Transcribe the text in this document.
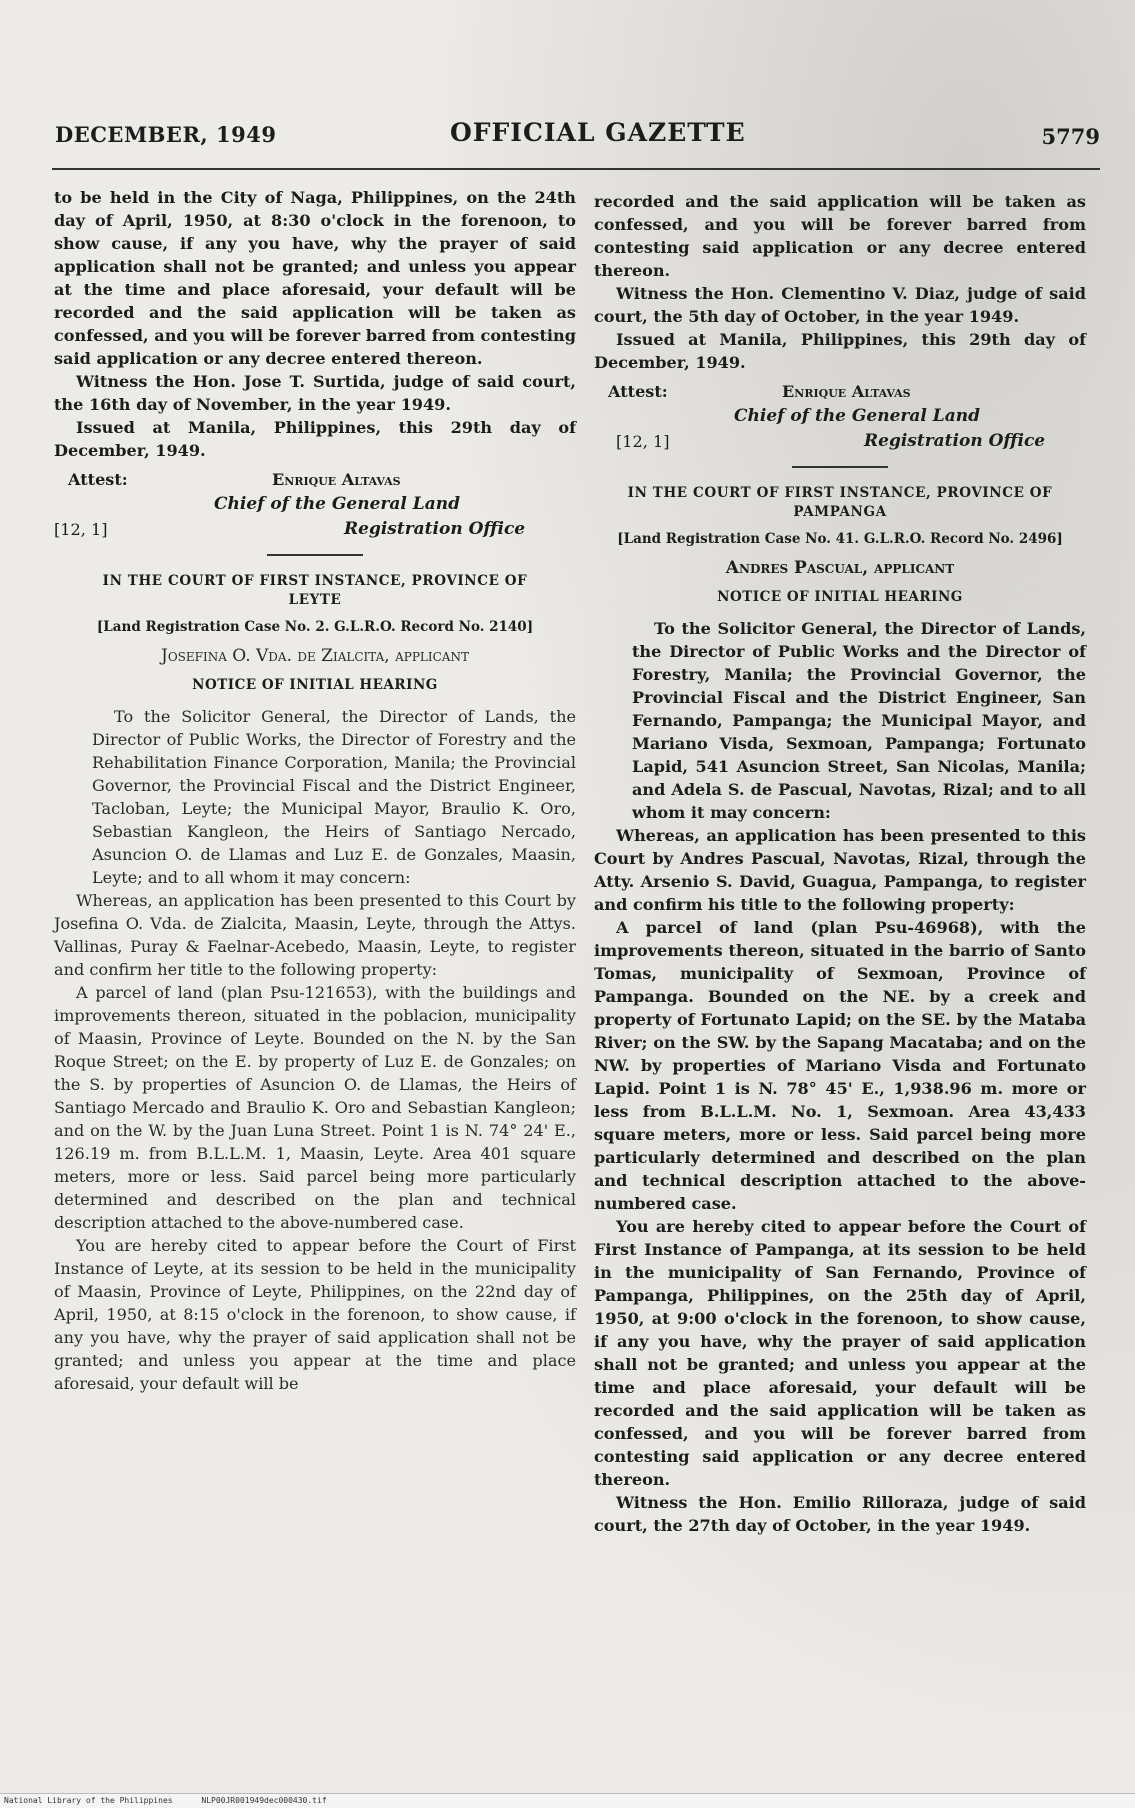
DECEMBER, 1949	OFFICIAL GAZETTE	5779

to be held in the City of Naga, Philippines, on the 24th day of April, 1950, at 8:30 o'clock in the forenoon, to show cause, if any you have, why the prayer of said application shall not be granted; and unless you appear at the time and place aforesaid, your default will be recorded and the said application will be taken as confessed, and you will be forever barred from contesting said application or any decree entered thereon.

Witness the Hon. Jose T. Surtida, judge of said court, the 16th day of November, in the year 1949.

Issued at Manila, Philippines, this 29th day of December, 1949.

Attest:	Enrique Altavas
Chief of the General Land
Registration Office
[12, 1]
IN THE COURT OF FIRST INSTANCE, PROVINCE OF LEYTE
[Land Registration Case No. 2. G.L.R.O. Record No. 2140]
Josefina O. Vda. de Zialcita, applicant
NOTICE OF INITIAL HEARING

To the Solicitor General, the Director of Lands, the Director of Public Works, the Director of Forestry and the Rehabilitation Finance Corporation, Manila; the Provincial Governor, the Provincial Fiscal and the District Engineer, Tacloban, Leyte; the Municipal Mayor, Braulio K. Oro, Sebastian Kangleon, the Heirs of Santiago Nercado, Asuncion O. de Llamas and Luz E. de Gonzales, Maasin, Leyte; and to all whom it may concern:

Whereas, an application has been presented to this Court by Josefina O. Vda. de Zialcita, Maasin, Leyte, through the Attys. Vallinas, Puray & Faelnar-Acebedo, Maasin, Leyte, to register and confirm her title to the following property:

A parcel of land (plan Psu-121653), with the buildings and improvements thereon, situated in the poblacion, municipality of Maasin, Province of Leyte. Bounded on the N. by the San Roque Street; on the E. by property of Luz E. de Gonzales; on the S. by properties of Asuncion O. de Llamas, the Heirs of Santiago Mercado and Braulio K. Oro and Sebastian Kangleon; and on the W. by the Juan Luna Street. Point 1 is N. 74° 24' E., 126.19 m. from B.L.L.M. 1, Maasin, Leyte. Area 401 square meters, more or less. Said parcel being more particularly determined and described on the plan and technical description attached to the above-numbered case.

You are hereby cited to appear before the Court of First Instance of Leyte, at its session to be held in the municipality of Maasin, Province of Leyte, Philippines, on the 22nd day of April, 1950, at 8:15 o'clock in the forenoon, to show cause, if any you have, why the prayer of said application shall not be granted; and unless you appear at the time and place aforesaid, your default will be

recorded and the said application will be taken as confessed, and you will be forever barred from contesting said application or any decree entered thereon.

Witness the Hon. Clementino V. Diaz, judge of said court, the 5th day of October, in the year 1949.

Issued at Manila, Philippines, this 29th day of December, 1949.

Attest:	Enrique Altavas
Chief of the General Land
Registration Office
[12, 1]
IN THE COURT OF FIRST INSTANCE, PROVINCE OF PAMPANGA
[Land Registration Case No. 41. G.L.R.O. Record No. 2496]
Andres Pascual, applicant
NOTICE OF INITIAL HEARING

To the Solicitor General, the Director of Lands, the Director of Public Works and the Director of Forestry, Manila; the Provincial Governor, the Provincial Fiscal and the District Engineer, San Fernando, Pampanga; the Municipal Mayor, and Mariano Visda, Sexmoan, Pampanga; Fortunato Lapid, 541 Asuncion Street, San Nicolas, Manila; and Adela S. de Pascual, Navotas, Rizal; and to all whom it may concern:

Whereas, an application has been presented to this Court by Andres Pascual, Navotas, Rizal, through the Atty. Arsenio S. David, Guagua, Pampanga, to register and confirm his title to the following property:

A parcel of land (plan Psu-46968), with the improvements thereon, situated in the barrio of Santo Tomas, municipality of Sexmoan, Province of Pampanga. Bounded on the NE. by a creek and property of Fortunato Lapid; on the SE. by the Mataba River; on the SW. by the Sapang Macataba; and on the NW. by properties of Mariano Visda and Fortunato Lapid. Point 1 is N. 78° 45' E., 1,938.96 m. more or less from B.L.L.M. No. 1, Sexmoan. Area 43,433 square meters, more or less. Said parcel being more particularly determined and described on the plan and technical description attached to the above-numbered case.

You are hereby cited to appear before the Court of First Instance of Pampanga, at its session to be held in the municipality of San Fernando, Province of Pampanga, Philippines, on the 25th day of April, 1950, at 9:00 o'clock in the forenoon, to show cause, if any you have, why the prayer of said application shall not be granted; and unless you appear at the time and place aforesaid, your default will be recorded and the said application will be taken as confessed, and you will be forever barred from contesting said application or any decree entered thereon.

Witness the Hon. Emilio Rilloraza, judge of said court, the 27th day of October, in the year 1949.

National Library of the Philippines	NLP00JR001949dec000430.tif
